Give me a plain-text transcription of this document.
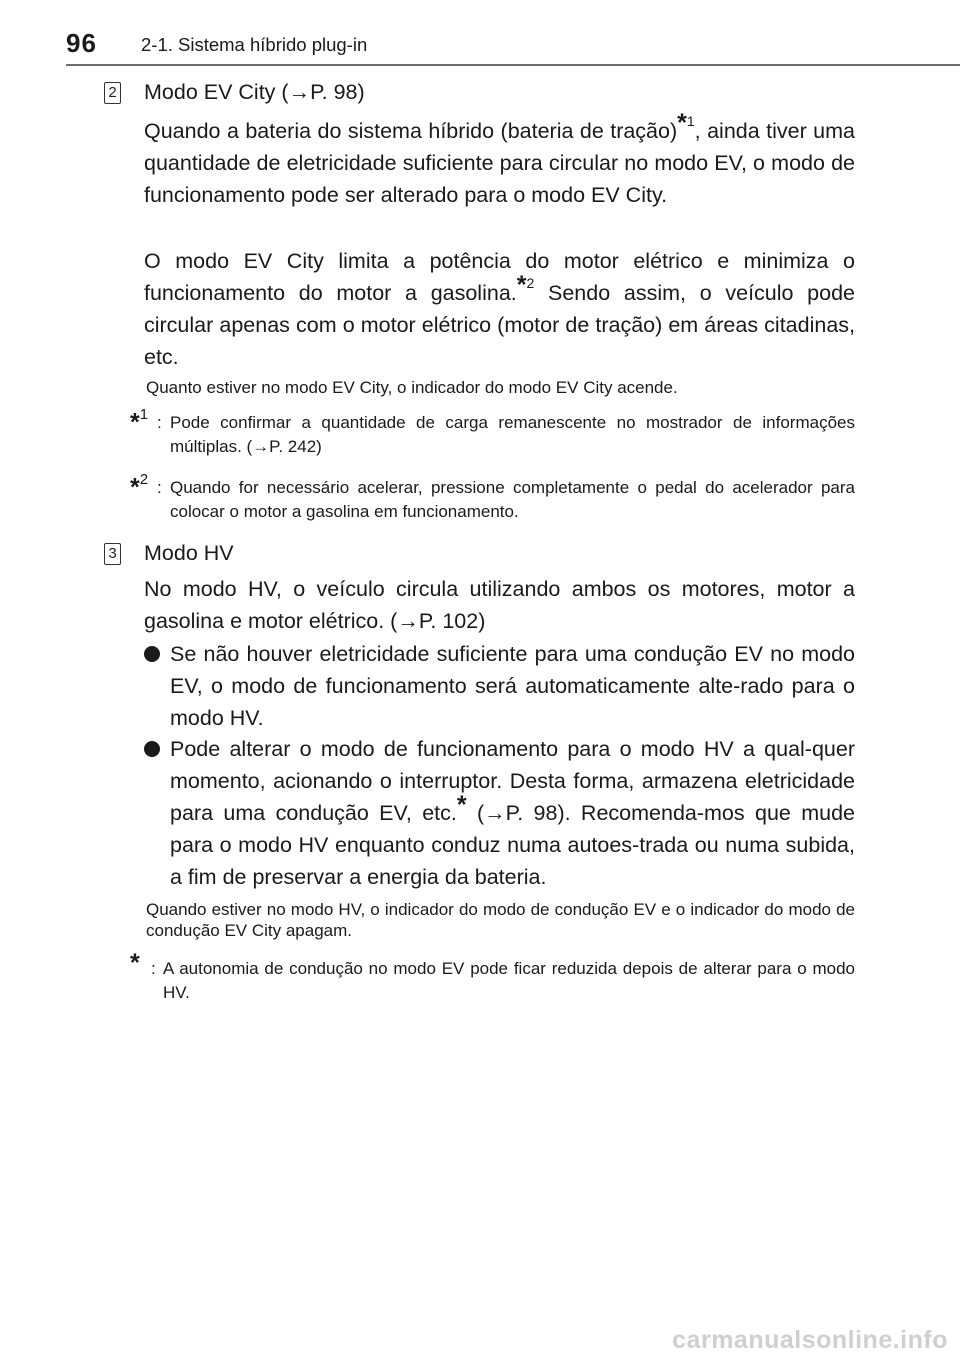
96 2-1. Sistema híbrido plug-in
2 Modo EV City (→P. 98)

Quando a bateria do sistema híbrido (bateria de tração)*$^1$, ainda tiver uma quantidade de eletricidade suficiente para circular no modo EV, o modo de funcionamento pode ser alterado para o modo EV City.

O modo EV City limita a potência do motor elétrico e minimiza o funcionamento do motor a gasolina.*$^2$ Sendo assim, o veículo pode circular apenas com o motor elétrico (motor de tração) em áreas citadinas, etc.

Quanto estiver no modo EV City, o indicador do modo EV City acende.

*$^1$ : Pode confirmar a quantidade de carga remanescente no mostrador de informações múltiplas. (→P. 242)

*$^2$ : Quando for necessário acelerar, pressione completamente o pedal do acelerador para colocar o motor a gasolina em funcionamento.

3 Modo HV

No modo HV, o veículo circula utilizando ambos os motores, motor a gasolina e motor elétrico. (→P. 102)

Se não houver eletricidade suficiente para uma condução EV no modo EV, o modo de funcionamento será automaticamente alte-rado para o modo HV.

Pode alterar o modo de funcionamento para o modo HV a qual-quer momento, acionando o interruptor. Desta forma, armazena eletricidade para uma condução EV, etc.* (→P. 98). Recomenda-mos que mude para o modo HV enquanto conduz numa autoes-trada ou numa subida, a fim de preservar a energia da bateria.

Quando estiver no modo HV, o indicador do modo de condução EV e o indicador do modo de condução EV City apagam.

* : A autonomia de condução no modo EV pode ficar reduzida depois de alterar para o modo HV.

carmanualsonline.info
